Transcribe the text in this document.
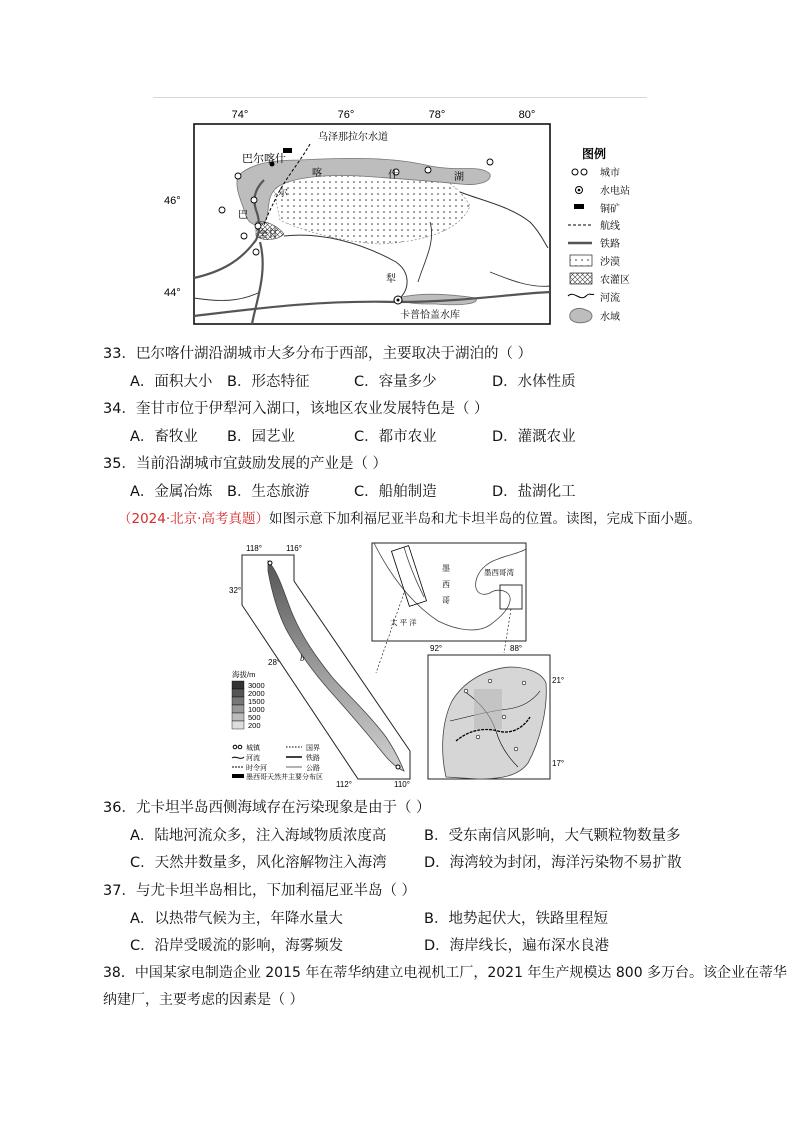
74°	76°	78°	80°
46°
44°
乌泽那拉尔水道
巴尔喀什
奎甘
尔
喀	什
巴
湖
犁
卡普恰盖水库
图例
城市
水电站
铜矿
航线
铁路
沙漠
农灌区
河流
水域
33．巴尔喀什湖沿湖城市大多分布于西部，主要取决于湖泊的（ ）
A．面积大小 B．形态特征	C．容量多少	D．水体性质
34．奎甘市位于伊犁河入湖口，该地区农业发展特色是（ ）
A．畜牧业 B．园艺业	C．都市农业	D．灌溉农业
35．当前沿湖城市宜鼓励发展的产业是（ ）
A．金属冶炼 B．生态旅游	C．船舶制造	D．盐湖化工
（2024·北京·高考真题）如图示意下加利福尼亚半岛和尤卡坦半岛的位置。读图，完成下面小题。
118°	116°
32°
28°
112°	110°
92°	88°
21°
17°
b
海拔/m
3000
2000
1500
1000
500
200
城镇	国界
河流	铁路
时令河	公路
墨西哥天然井主要分布区
墨
西
哥
墨西哥湾
太 平 洋
36．尤卡坦半岛西侧海域存在污染现象是由于（ ）
A．陆地河流众多，注入海域物质浓度高	B．受东南信风影响，大气颗粒物数量多
C．天然井数量多，风化溶解物注入海湾	D．海湾较为封闭，海洋污染物不易扩散
37．与尤卡坦半岛相比，下加利福尼亚半岛（ ）
A．以热带气候为主，年降水量大	B．地势起伏大，铁路里程短
C．沿岸受暖流的影响，海雾频发	D．海岸线长，遍布深水良港
38．中国某家电制造企业 2015 年在蒂华纳建立电视机工厂，2021 年生产规模达 800 多万台。该企业在蒂华
纳建厂，主要考虑的因素是（ ）
